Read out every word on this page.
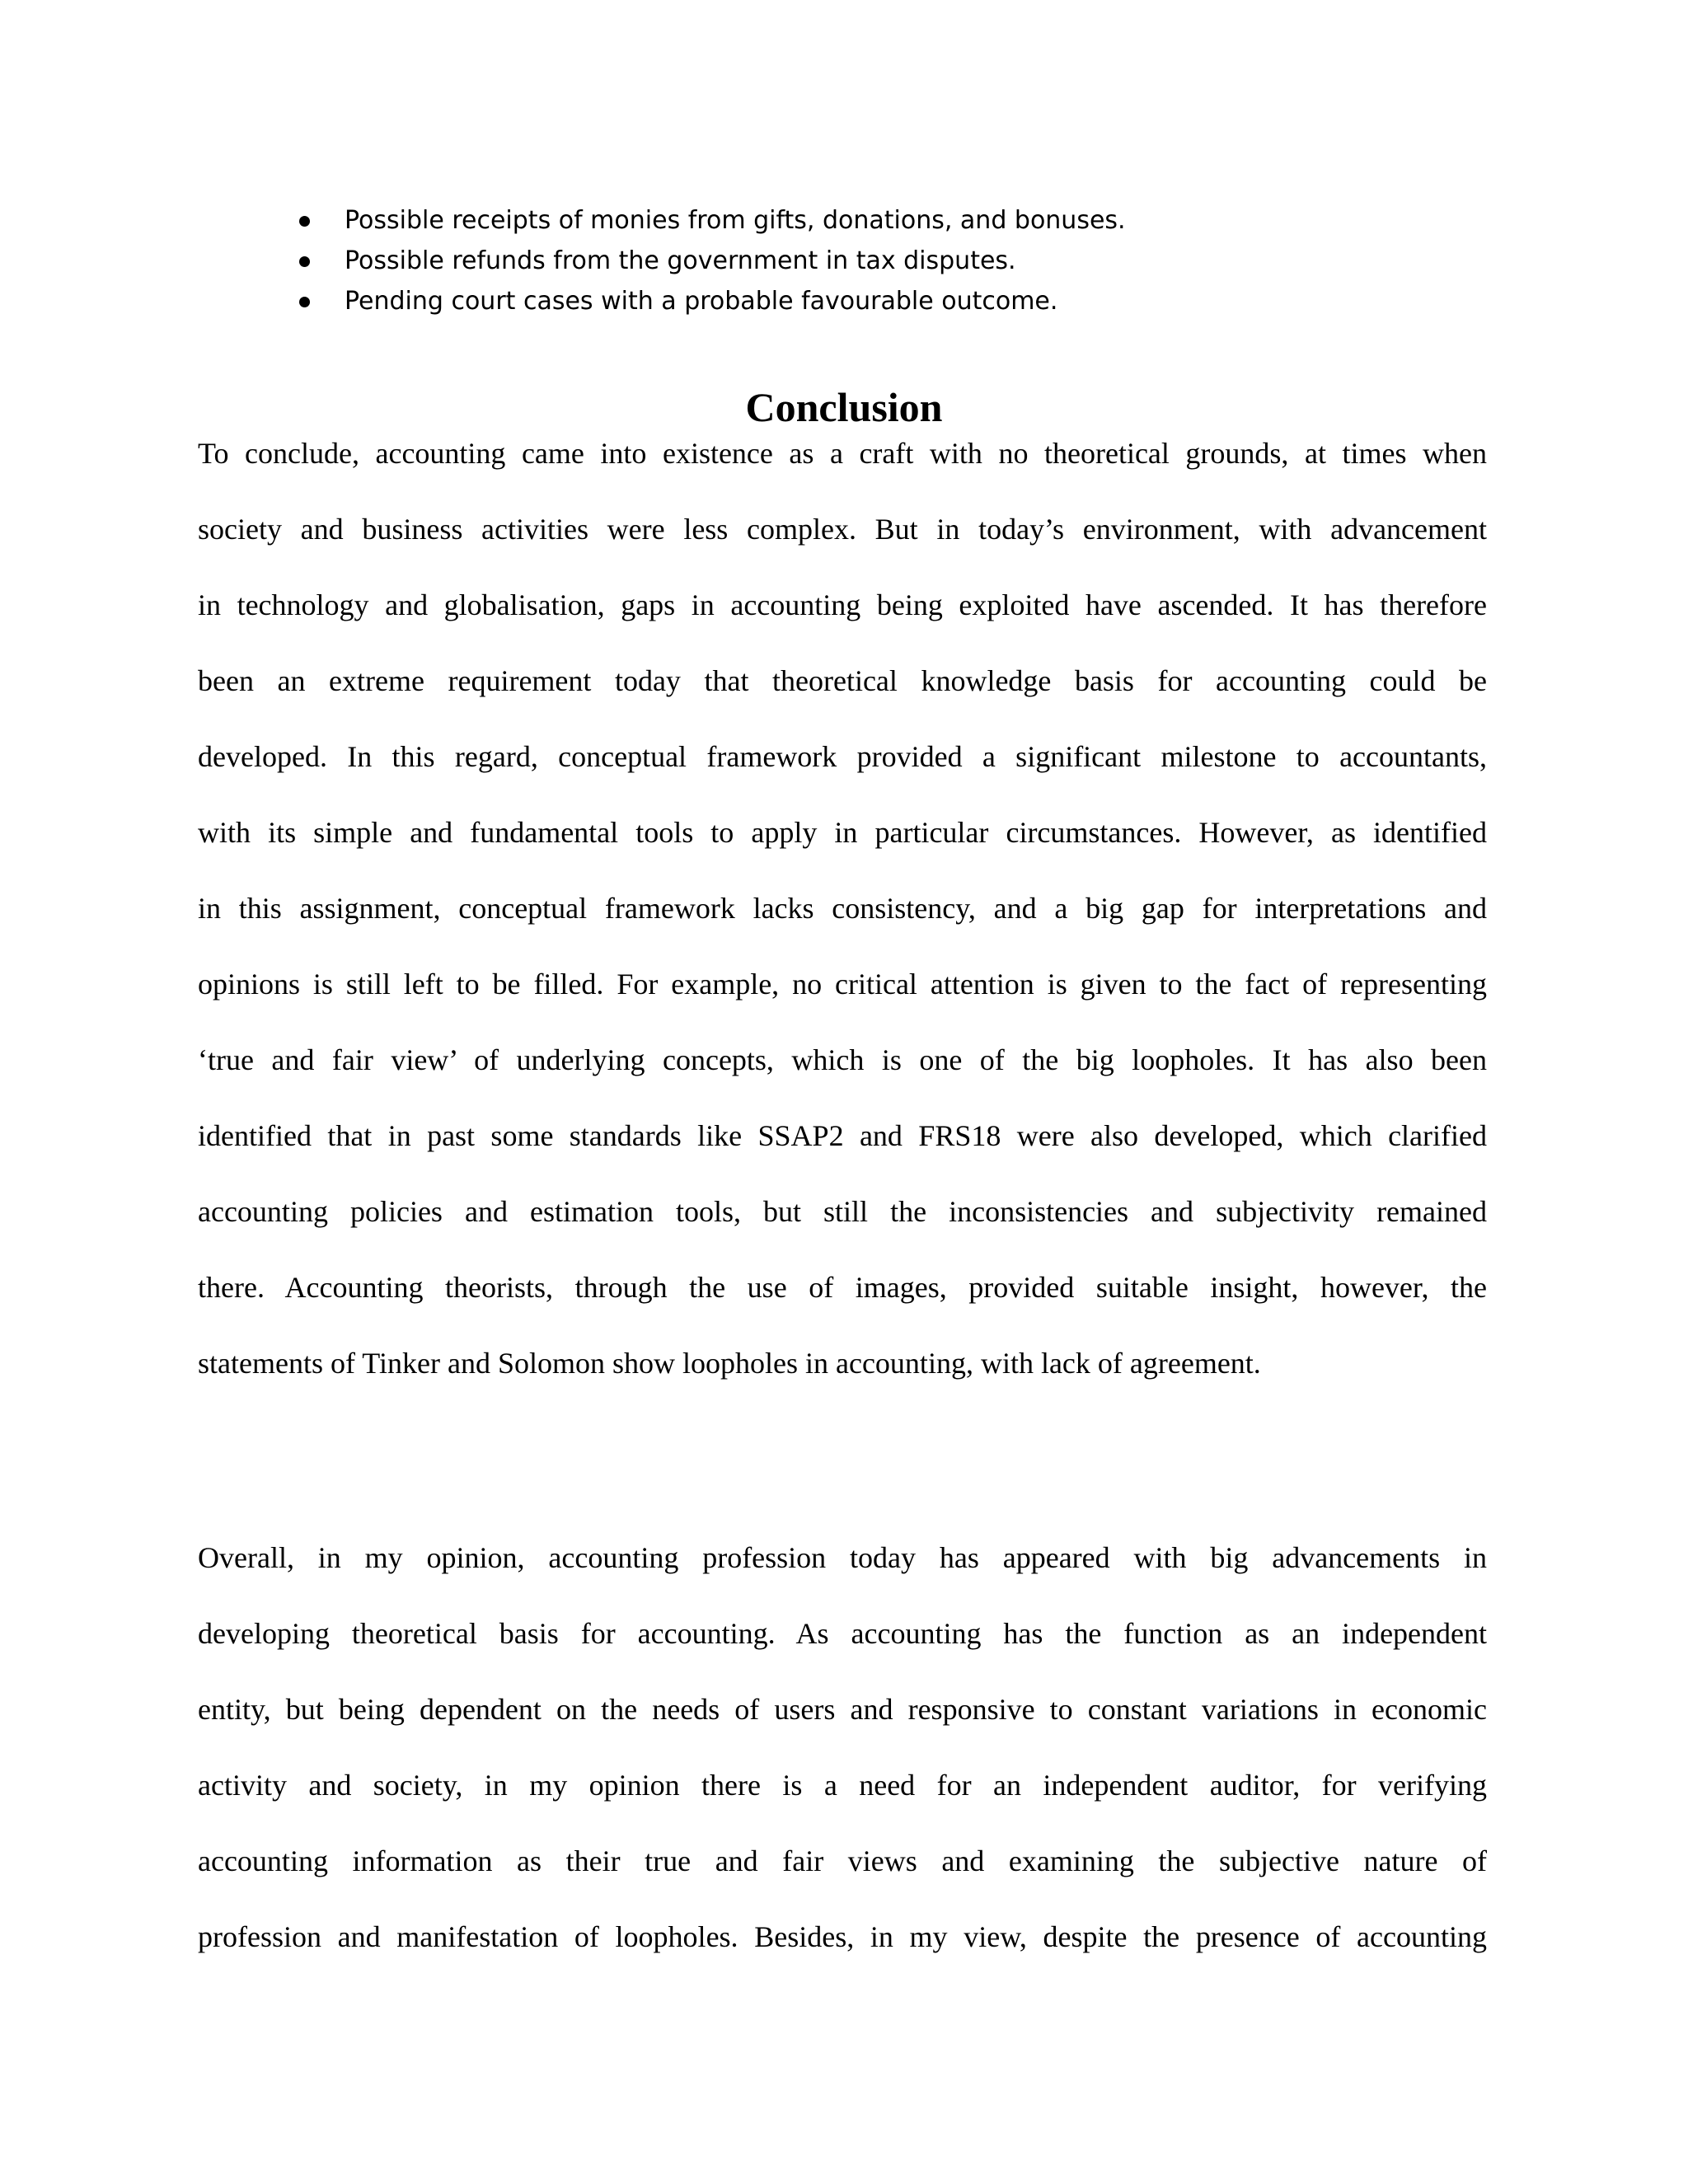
Possible receipts of monies from gifts, donations, and bonuses.
Possible refunds from the government in tax disputes.
Pending court cases with a probable favourable outcome.
Conclusion

To conclude, accounting came into existence as a craft with no theoretical grounds, at times when
society and business activities were less complex. But in today’s environment, with advancement
in technology and globalisation, gaps in accounting being exploited have ascended. It has therefore
been an extreme requirement today that theoretical knowledge basis for accounting could be
developed. In this regard, conceptual framework provided a significant milestone to accountants,
with its simple and fundamental tools to apply in particular circumstances. However, as identified
in this assignment, conceptual framework lacks consistency, and a big gap for interpretations and
opinions is still left to be filled. For example, no critical attention is given to the fact of representing
‘true and fair view’ of underlying concepts, which is one of the big loopholes. It has also been
identified that in past some standards like SSAP2 and FRS18 were also developed, which clarified
accounting policies and estimation tools, but still the inconsistencies and subjectivity remained
there. Accounting theorists, through the use of images, provided suitable insight, however, the
statements of Tinker and Solomon show loopholes in accounting, with lack of agreement.

Overall, in my opinion, accounting profession today has appeared with big advancements in
developing theoretical basis for accounting. As accounting has the function as an independent
entity, but being dependent on the needs of users and responsive to constant variations in economic
activity and society, in my opinion there is a need for an independent auditor, for verifying
accounting information as their true and fair views and examining the subjective nature of
profession and manifestation of loopholes. Besides, in my view, despite the presence of accounting
